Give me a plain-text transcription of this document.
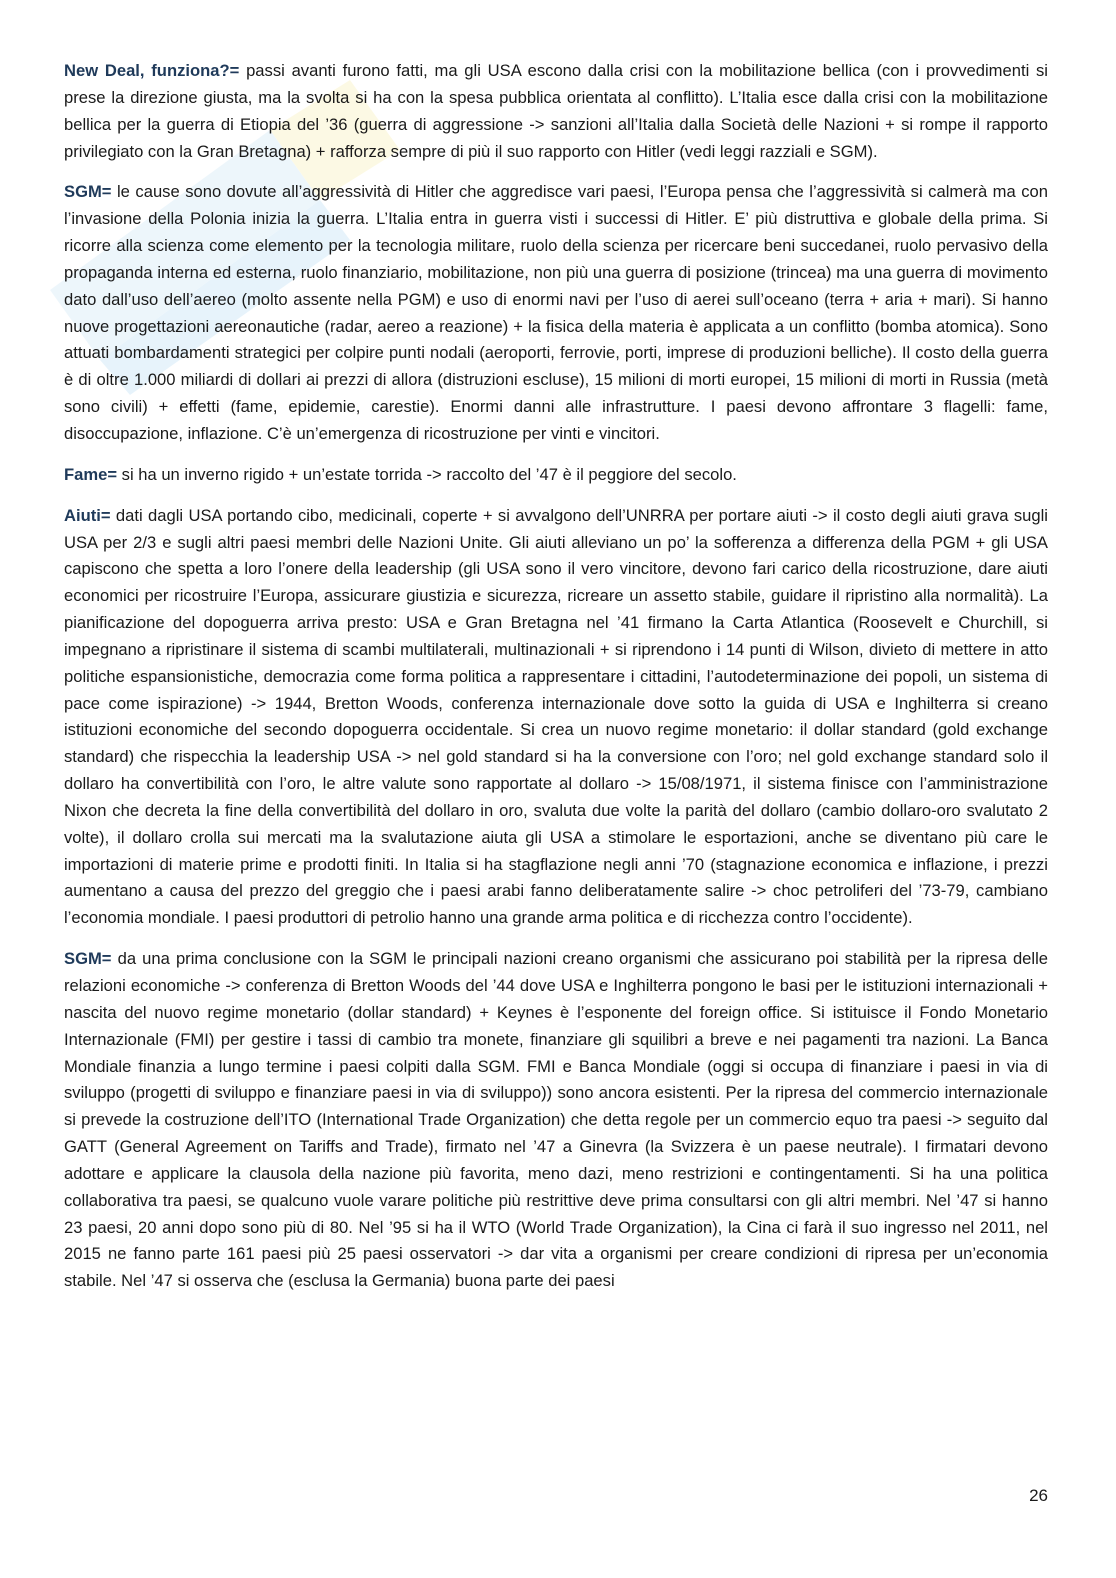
New Deal, funziona?= passi avanti furono fatti, ma gli USA escono dalla crisi con la mobilitazione bellica (con i provvedimenti si prese la direzione giusta, ma la svolta si ha con la spesa pubblica orientata al conflitto). L’Italia esce dalla crisi con la mobilitazione bellica per la guerra di Etiopia del ’36 (guerra di aggressione -> sanzioni all’Italia dalla Società delle Nazioni + si rompe il rapporto privilegiato con la Gran Bretagna) + rafforza sempre di più il suo rapporto con Hitler (vedi leggi razziali e SGM).

SGM= le cause sono dovute all’aggressività di Hitler che aggredisce vari paesi, l’Europa pensa che l’aggressività si calmerà ma con l’invasione della Polonia inizia la guerra. L’Italia entra in guerra visti i successi di Hitler. E’ più distruttiva e globale della prima. Si ricorre alla scienza come elemento per la tecnologia militare, ruolo della scienza per ricercare beni succedanei, ruolo pervasivo della propaganda interna ed esterna, ruolo finanziario, mobilitazione, non più una guerra di posizione (trincea) ma una guerra di movimento dato dall’uso dell’aereo (molto assente nella PGM) e uso di enormi navi per l’uso di aerei sull’oceano (terra + aria + mari). Si hanno nuove progettazioni aereonautiche (radar, aereo a reazione) + la fisica della materia è applicata a un conflitto (bomba atomica). Sono attuati bombardamenti strategici per colpire punti nodali (aeroporti, ferrovie, porti, imprese di produzioni belliche). Il costo della guerra è di oltre 1.000 miliardi di dollari ai prezzi di allora (distruzioni escluse), 15 milioni di morti europei, 15 milioni di morti in Russia (metà sono civili) + effetti (fame, epidemie, carestie). Enormi danni alle infrastrutture. I paesi devono affrontare 3 flagelli: fame, disoccupazione, inflazione. C’è un’emergenza di ricostruzione per vinti e vincitori.

Fame= si ha un inverno rigido + un’estate torrida -> raccolto del ’47 è il peggiore del secolo.

Aiuti= dati dagli USA portando cibo, medicinali, coperte + si avvalgono dell’UNRRA per portare aiuti -> il costo degli aiuti grava sugli USA per 2/3 e sugli altri paesi membri delle Nazioni Unite. Gli aiuti alleviano un po’ la sofferenza a differenza della PGM + gli USA capiscono che spetta a loro l’onere della leadership (gli USA sono il vero vincitore, devono fari carico della ricostruzione, dare aiuti economici per ricostruire l’Europa, assicurare giustizia e sicurezza, ricreare un assetto stabile, guidare il ripristino alla normalità). La pianificazione del dopoguerra arriva presto: USA e Gran Bretagna nel ’41 firmano la Carta Atlantica (Roosevelt e Churchill, si impegnano a ripristinare il sistema di scambi multilaterali, multinazionali + si riprendono i 14 punti di Wilson, divieto di mettere in atto politiche espansionistiche, democrazia come forma politica a rappresentare i cittadini, l’autodeterminazione dei popoli, un sistema di pace come ispirazione) -> 1944, Bretton Woods, conferenza internazionale dove sotto la guida di USA e Inghilterra si creano istituzioni economiche del secondo dopoguerra occidentale. Si crea un nuovo regime monetario: il dollar standard (gold exchange standard) che rispecchia la leadership USA -> nel gold standard si ha la conversione con l’oro; nel gold exchange standard solo il dollaro ha convertibilità con l’oro, le altre valute sono rapportate al dollaro -> 15/08/1971, il sistema finisce con l’amministrazione Nixon che decreta la fine della convertibilità del dollaro in oro, svaluta due volte la parità del dollaro (cambio dollaro-oro svalutato 2 volte), il dollaro crolla sui mercati ma la svalutazione aiuta gli USA a stimolare le esportazioni, anche se diventano più care le importazioni di materie prime e prodotti finiti. In Italia si ha stagflazione negli anni ’70 (stagnazione economica e inflazione, i prezzi aumentano a causa del prezzo del greggio che i paesi arabi fanno deliberatamente salire -> choc petroliferi del ’73-79, cambiano l’economia mondiale. I paesi produttori di petrolio hanno una grande arma politica e di ricchezza contro l’occidente).

SGM= da una prima conclusione con la SGM le principali nazioni creano organismi che assicurano poi stabilità per la ripresa delle relazioni economiche -> conferenza di Bretton Woods del ’44 dove USA e Inghilterra pongono le basi per le istituzioni internazionali + nascita del nuovo regime monetario (dollar standard) + Keynes è l’esponente del foreign office. Si istituisce il Fondo Monetario Internazionale (FMI) per gestire i tassi di cambio tra monete, finanziare gli squilibri a breve e nei pagamenti tra nazioni. La Banca Mondiale finanzia a lungo termine i paesi colpiti dalla SGM. FMI e Banca Mondiale (oggi si occupa di finanziare i paesi in via di sviluppo (progetti di sviluppo e finanziare paesi in via di sviluppo)) sono ancora esistenti. Per la ripresa del commercio internazionale si prevede la costruzione dell’ITO (International Trade Organization) che detta regole per un commercio equo tra paesi -> seguito dal GATT (General Agreement on Tariffs and Trade), firmato nel ’47 a Ginevra (la Svizzera è un paese neutrale). I firmatari devono adottare e applicare la clausola della nazione più favorita, meno dazi, meno restrizioni e contingentamenti. Si ha una politica collaborativa tra paesi, se qualcuno vuole varare politiche più restrittive deve prima consultarsi con gli altri membri. Nel ’47 si hanno 23 paesi, 20 anni dopo sono più di 80. Nel ’95 si ha il WTO (World Trade Organization), la Cina ci farà il suo ingresso nel 2011, nel 2015 ne fanno parte 161 paesi più 25 paesi osservatori -> dar vita a organismi per creare condizioni di ripresa per un’economia stabile. Nel ’47 si osserva che (esclusa la Germania) buona parte dei paesi

26
